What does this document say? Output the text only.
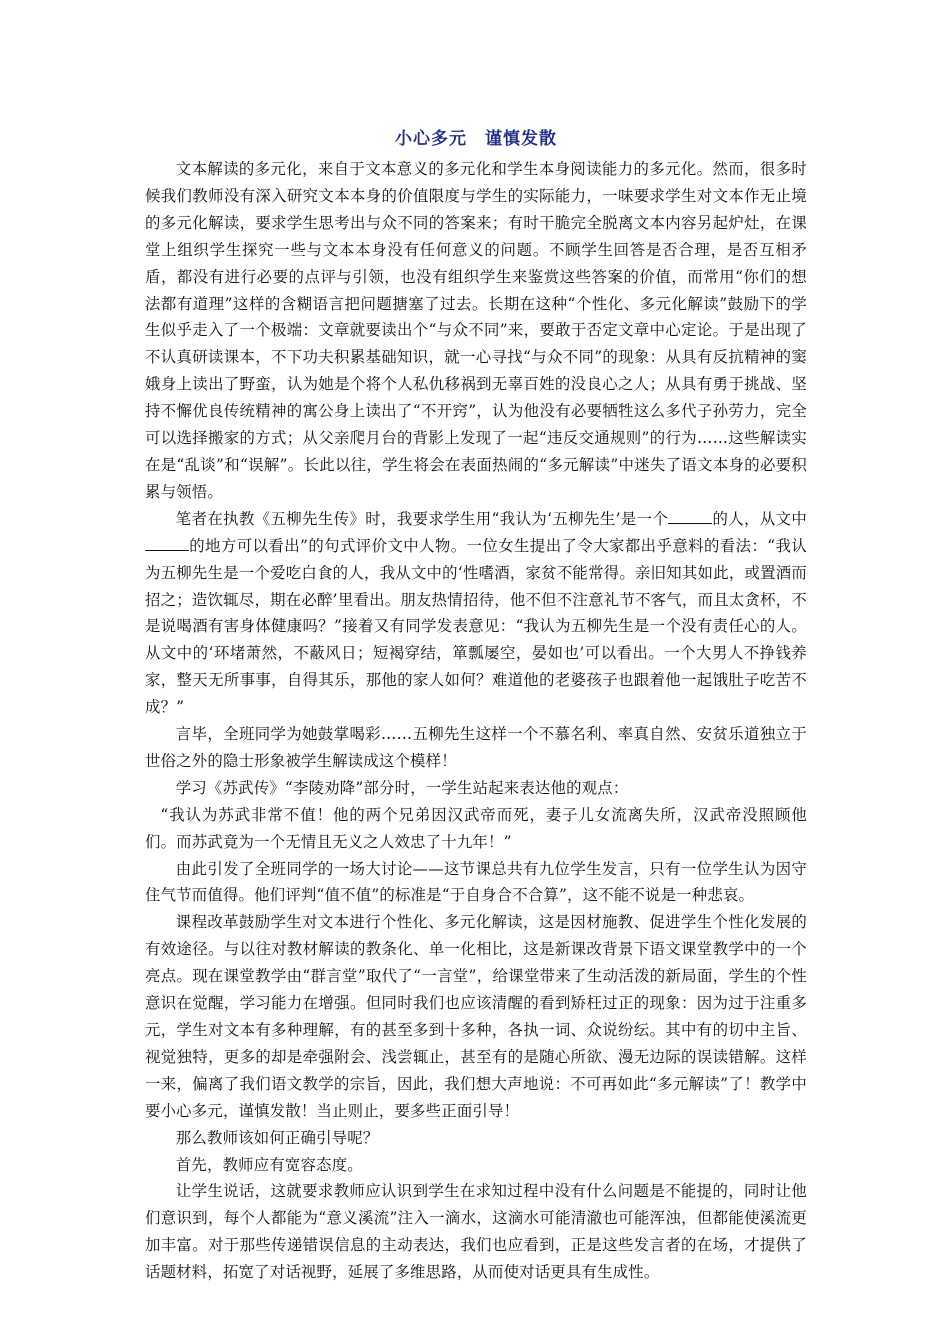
小心多元　谨慎发散

文本解读的多元化，来自于文本意义的多元化和学生本身阅读能力的多元化。然而，很多时候我们教师没有深入研究文本本身的价值限度与学生的实际能力，一味要求学生对文本作无止境的多元化解读，要求学生思考出与众不同的答案来；有时干脆完全脱离文本内容另起炉灶，在课堂上组织学生探究一些与文本本身没有任何意义的问题。不顾学生回答是否合理，是否互相矛盾，都没有进行必要的点评与引领，也没有组织学生来鉴赏这些答案的价值，而常用“你们的想法都有道理”这样的含糊语言把问题搪塞了过去。长期在这种“个性化、多元化解读”鼓励下的学生似乎走入了一个极端：文章就要读出个“与众不同”来，要敢于否定文章中心定论。于是出现了不认真研读课本，不下功夫积累基础知识，就一心寻找“与众不同”的现象：从具有反抗精神的窦娥身上读出了野蛮，认为她是个将个人私仇移祸到无辜百姓的没良心之人；从具有勇于挑战、坚持不懈优良传统精神的寓公身上读出了“不开窍”，认为他没有必要牺牲这么多代子孙劳力，完全可以选择搬家的方式；从父亲爬月台的背影上发现了一起“违反交通规则”的行为……这些解读实在是“乱谈”和“误解”。长此以往，学生将会在表面热闹的“多元解读”中迷失了语文本身的必要积累与领悟。

笔者在执教《五柳先生传》时，我要求学生用“我认为‘五柳先生’是一个	的人，从文中的地方可以看出”的句式评价文中人物。一位女生提出了令大家都出乎意料的看法：“我认为五柳先生是一个爱吃白食的人，我从文中的‘性嗜酒，家贫不能常得。亲旧知其如此，或置酒而招之；造饮辄尽，期在必醉’里看出。朋友热情招待，他不但不注意礼节不客气，而且太贪杯，不是说喝酒有害身体健康吗？”接着又有同学发表意见：“我认为五柳先生是一个没有责任心的人。从文中的‘环堵萧然，不蔽风日；短褐穿结，箪瓢屡空，晏如也’可以看出。一个大男人不挣钱养家，整天无所事事，自得其乐，那他的家人如何？难道他的老婆孩子也跟着他一起饿肚子吃苦不成？”

言毕，全班同学为她鼓掌喝彩……五柳先生这样一个不慕名利、率真自然、安贫乐道独立于世俗之外的隐士形象被学生解读成这个模样！

学习《苏武传》“李陵劝降”部分时，一学生站起来表达他的观点：

“我认为苏武非常不值！他的两个兄弟因汉武帝而死，妻子儿女流离失所，汉武帝没照顾他们。而苏武竟为一个无情且无义之人效忠了十九年！”

由此引发了全班同学的一场大讨论——这节课总共有九位学生发言，只有一位学生认为因守住气节而值得。他们评判“值不值”的标准是“于自身合不合算”，这不能不说是一种悲哀。

课程改革鼓励学生对文本进行个性化、多元化解读，这是因材施教、促进学生个性化发展的有效途径。与以往对教材解读的教条化、单一化相比，这是新课改背景下语文课堂教学中的一个亮点。现在课堂教学由“群言堂”取代了“一言堂”，给课堂带来了生动活泼的新局面，学生的个性意识在觉醒，学习能力在增强。但同时我们也应该清醒的看到矫枉过正的现象：因为过于注重多元，学生对文本有多种理解，有的甚至多到十多种，各执一词、众说纷纭。其中有的切中主旨、视觉独特，更多的却是牵强附会、浅尝辄止，甚至有的是随心所欲、漫无边际的误读错解。这样一来，偏离了我们语文教学的宗旨，因此，我们想大声地说：不可再如此“多元解读”了！教学中要小心多元，谨慎发散！当止则止，要多些正面引导！

那么教师该如何正确引导呢？

首先，教师应有宽容态度。

让学生说话，这就要求教师应认识到学生在求知过程中没有什么问题是不能提的，同时让他们意识到，每个人都能为“意义溪流”注入一滴水，这滴水可能清澈也可能浑浊，但都能使溪流更加丰富。对于那些传递错误信息的主动表达，我们也应看到，正是这些发言者的在场，才提供了话题材料，拓宽了对话视野，延展了多维思路，从而使对话更具有生成性。
